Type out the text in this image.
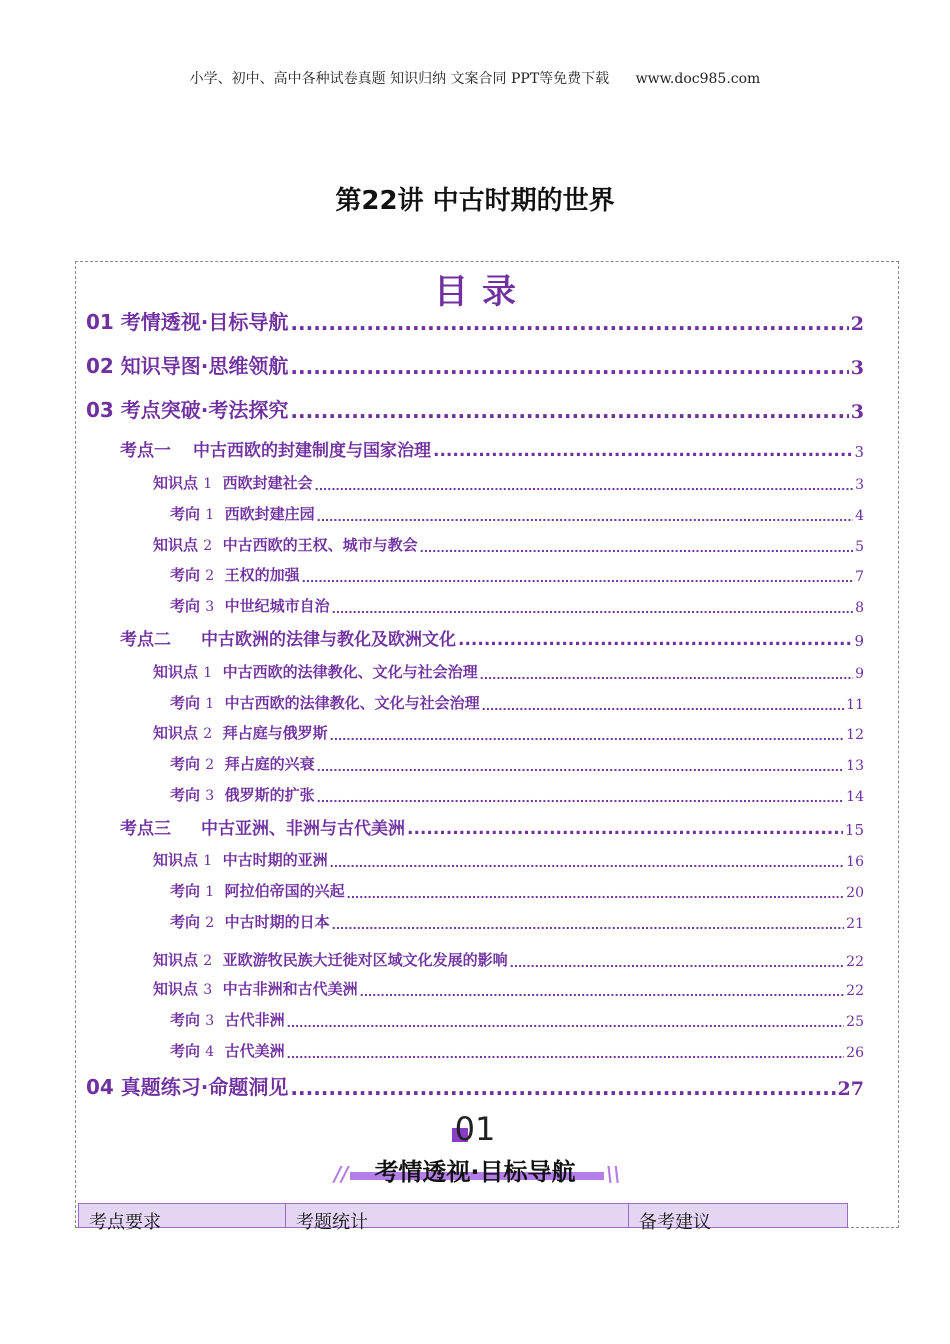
小学、初中、高中各种试卷真题 知识归纳 文案合同 PPT等免费下载 www.doc985.com
第22讲 中古时期的世界
目录
01 考情透视·目标导航 .....	2
02 知识导图·思维领航 .....	3
03 考点突破·考法探究 .....	3
考点一 中古西欧的封建制度与国家治理 .....	3
知识点 1 西欧封建社会 .....	3
考向 1 西欧封建庄园 .....	4
知识点 2 中古西欧的王权、城市与教会 .....	5
考向 2 王权的加强 .....	7
考向 3 中世纪城市自治 .....	8
考点二 中古欧洲的法律与教化及欧洲文化 .....	9
知识点 1 中古西欧的法律教化、文化与社会治理 .....	9
考向 1 中古西欧的法律教化、文化与社会治理 .....	11
知识点 2 拜占庭与俄罗斯 .....	12
考向 2 拜占庭的兴衰 .....	13
考向 3 俄罗斯的扩张 .....	14
考点三 中古亚洲、非洲与古代美洲 .....	15
知识点 1 中古时期的亚洲 .....	16
考向 1 阿拉伯帝国的兴起 .....	20
考向 2 中古时期的日本 .....	21
知识点 2 亚欧游牧民族大迁徙对区域文化发展的影响 .....	22
知识点 3 中古非洲和古代美洲 .....	22
考向 3 古代非洲 .....	25
考向 4 古代美洲 .....	26
04 真题练习·命题洞见 .....	27
01
//	\\
考情透视·目标导航
考点要求	考题统计	备考建议
